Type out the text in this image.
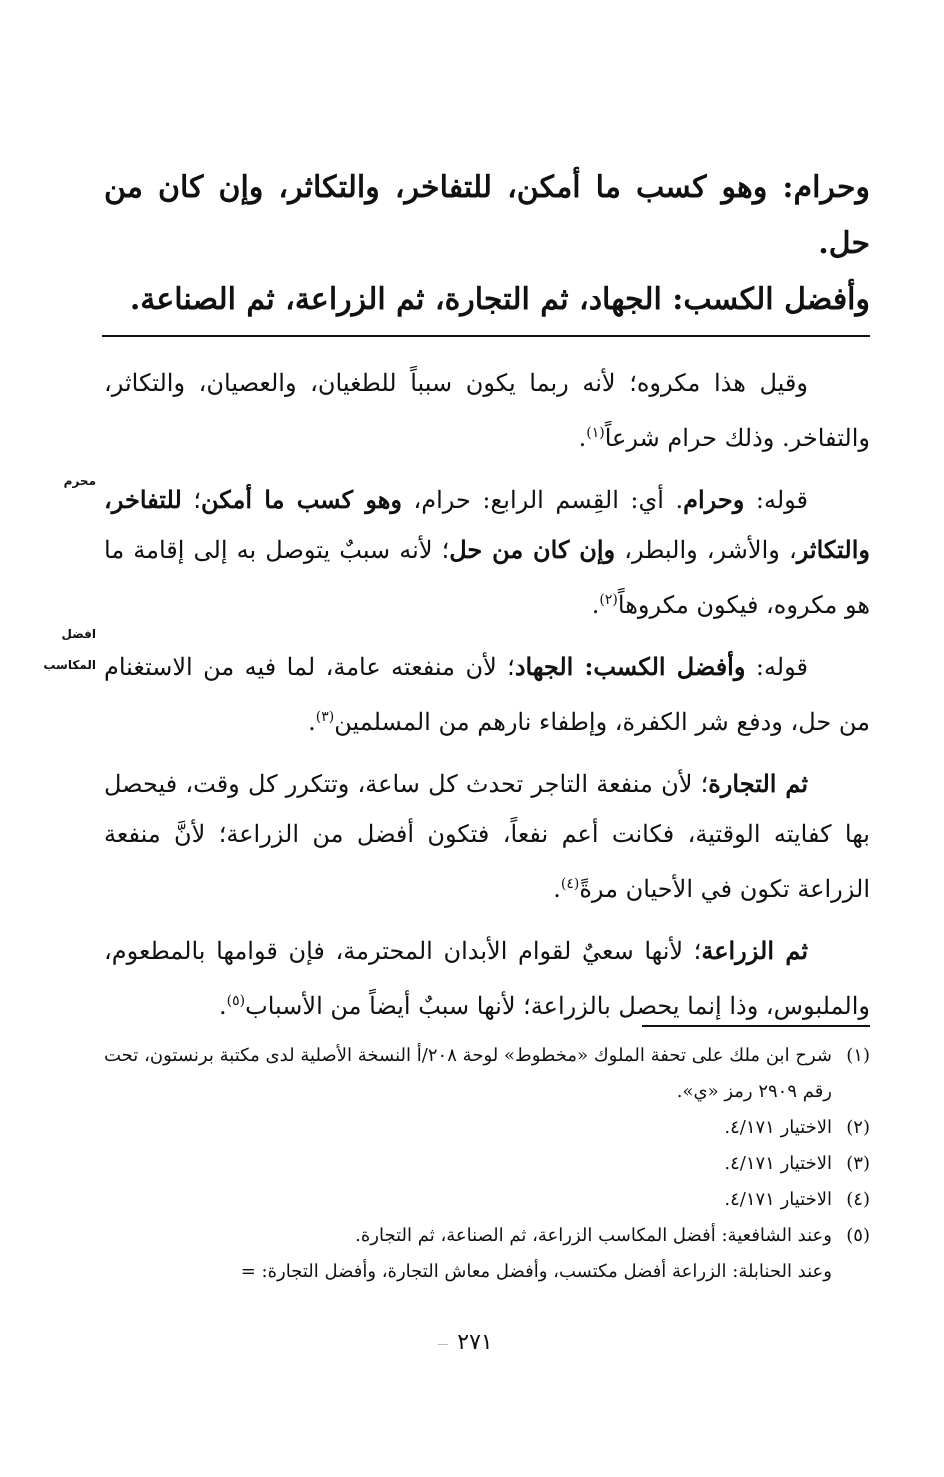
وحرام: وهو كسب ما أمكن، للتفاخر، والتكاثر، وإن كان من حل.

وأفضل الكسب: الجهاد، ثم التجارة، ثم الزراعة، ثم الصناعة.

وقيل هذا مكروه؛ لأنه ربما يكون سبباً للطغيان، والعصيان، والتكاثر، والتفاخر. وذلك حرام شرعاً$^{(١)}$.

قوله: وحرام. أي: القِسم الرابع: حرام، وهو كسب ما أمكن؛ للتفاخر، والتكاثر، والأشر، والبطر، وإن كان من حل؛ لأنه سببٌ يتوصل به إلى إقامة ما هو مكروه، فيكون مكروهاً$^{(٢)}$.

قوله: وأفضل الكسب: الجهاد؛ لأن منفعته عامة، لما فيه من الاستغنام من حل، ودفع شر الكفرة، وإطفاء نارهم من المسلمين$^{(٣)}$.

ثم التجارة؛ لأن منفعة التاجر تحدث كل ساعة، وتتكرر كل وقت، فيحصل بها كفايته الوقتية، فكانت أعم نفعاً، فتكون أفضل من الزراعة؛ لأنَّ منفعة الزراعة تكون في الأحيان مرةً$^{(٤)}$.

ثم الزراعة؛ لأنها سعيٌ لقوام الأبدان المحترمة، فإن قوامها بالمطعوم، والملبوس، وذا إنما يحصل بالزراعة؛ لأنها سببٌ أيضاً من الأسباب$^{(٥)}$.

محرم
افضل
المكاسب
(١)
شرح ابن ملك على تحفة الملوك «مخطوط» لوحة ٢٠٨/أ النسخة الأصلية لدى مكتبة برنستون، تحت رقم ٢٩٠٩ رمز «ي».
(٢)
الاختيار ٤/١٧١.
(٣)
الاختيار ٤/١٧١.
(٤)
الاختيار ٤/١٧١.
(٥)
وعند الشافعية: أفضل المكاسب الزراعة، ثم الصناعة، ثم التجارة.
وعند الحنابلة: الزراعة أفضل مكتسب، وأفضل معاش التجارة، وأفضل التجارة: =
٢٧١
